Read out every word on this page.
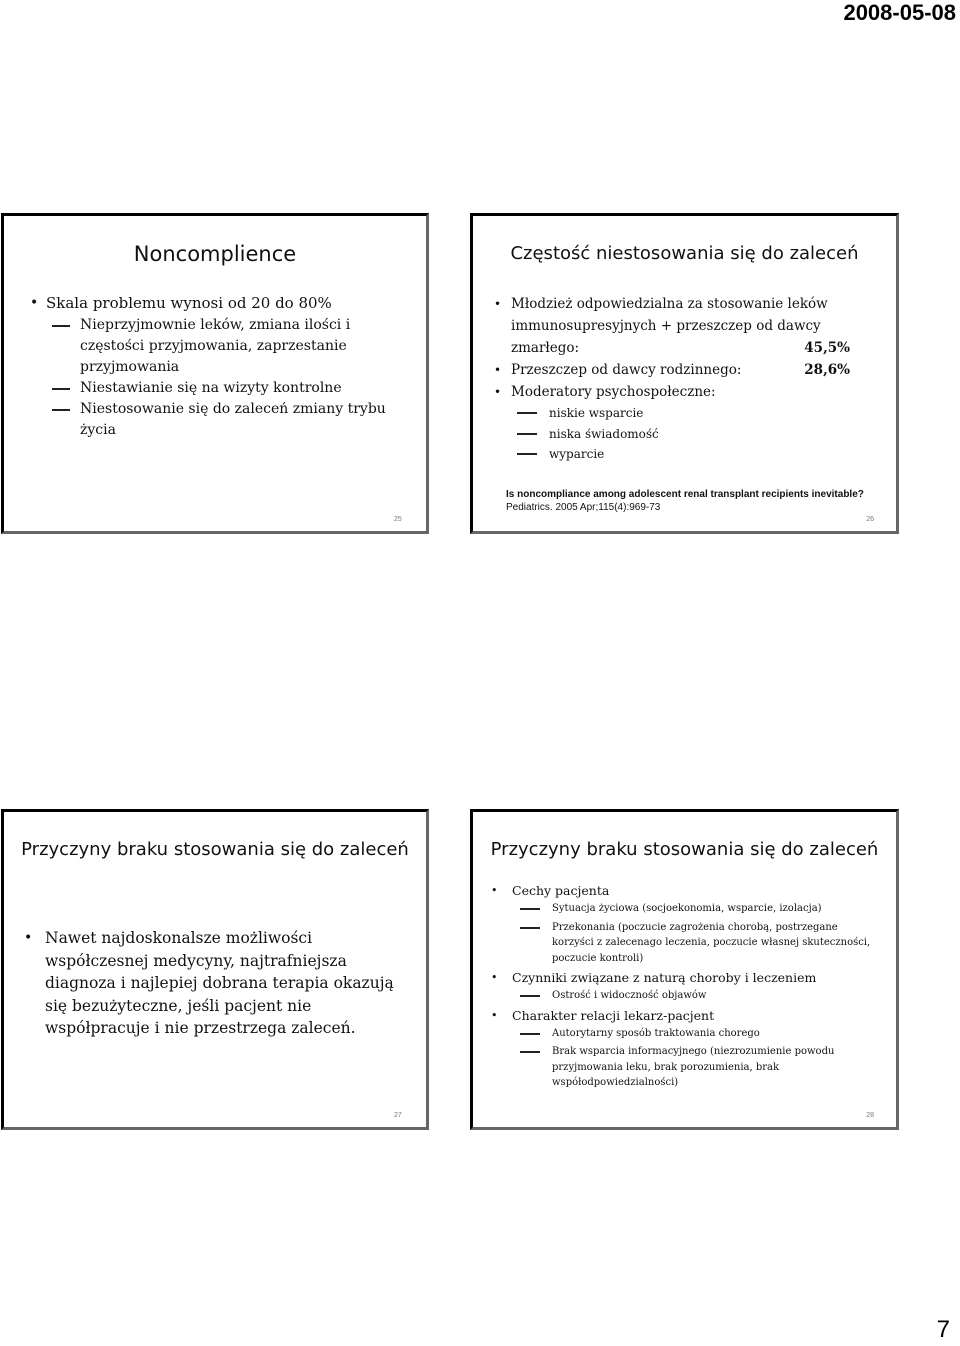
2008-05-08
Noncomplience
• Skala problemu wynosi od 20 do 80%
Nieprzyjmownie leków, zmiana ilości i częstości przyjmowania, zaprzestanie przyjmowania
Niestawianie się na wizyty kontrolne
Niestosowanie się do zaleceń zmiany trybu życia
25
Częstość niestosowania się do zaleceń
• Młodzież odpowiedzialna za stosowanie leków immunosupresyjnych + przeszczep od dawcy
zmarłego:	45,5%
• Przeszczep od dawcy rodzinnego:	28,6%
• Moderatory psychospołeczne:
niskie wsparcie
niska świadomość
wyparcie
Is noncompliance among adolescent renal transplant recipients inevitable? Pediatrics. 2005 Apr;115(4):969-73
26
Przyczyny braku stosowania się do zaleceń
• Nawet najdoskonalsze możliwości współczesnej medycyny, najtrafniejsza diagnoza i najlepiej dobrana terapia okazują się bezużyteczne, jeśli pacjent nie współpracuje i nie przestrzega zaleceń.
27
Przyczyny braku stosowania się do zaleceń
• Cechy pacjenta
Sytuacja życiowa (socjoekonomia, wsparcie, izolacja)
Przekonania (poczucie zagrożenia chorobą, postrzegane korzyści z zalecenago leczenia, poczucie własnej skuteczności, poczucie kontroli)
• Czynniki związane z naturą choroby i leczeniem
Ostrość i widoczność objawów
• Charakter relacji lekarz-pacjent
Autorytarny sposób traktowania chorego
Brak wsparcia informacyjnego (niezrozumienie powodu przyjmowania leku, brak porozumienia, brak współodpowiedzialności)
28
7
